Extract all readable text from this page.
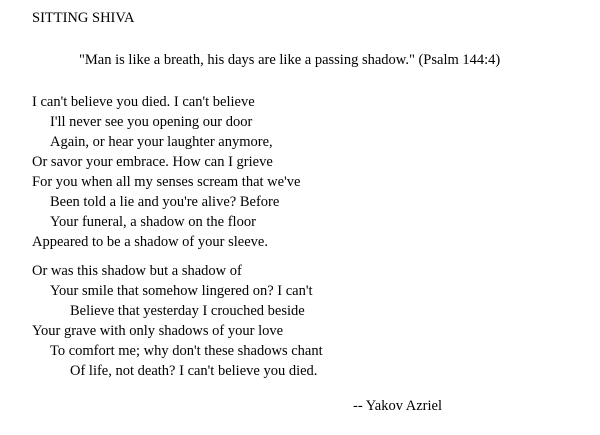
SITTING SHIVA
"Man is like a breath, his days are like a passing shadow." (Psalm 144:4)
I can't believe you died. I can't believe
I'll never see you opening our door
Again, or hear your laughter anymore,
Or savor your embrace. How can I grieve
For you when all my senses scream that we've
Been told a lie and you're alive? Before
Your funeral, a shadow on the floor
Appeared to be a shadow of your sleeve.
Or was this shadow but a shadow of
Your smile that somehow lingered on? I can't
Believe that yesterday I crouched beside
Your grave with only shadows of your love
To comfort me; why don't these shadows chant
Of life, not death? I can't believe you died.
-- Yakov Azriel
